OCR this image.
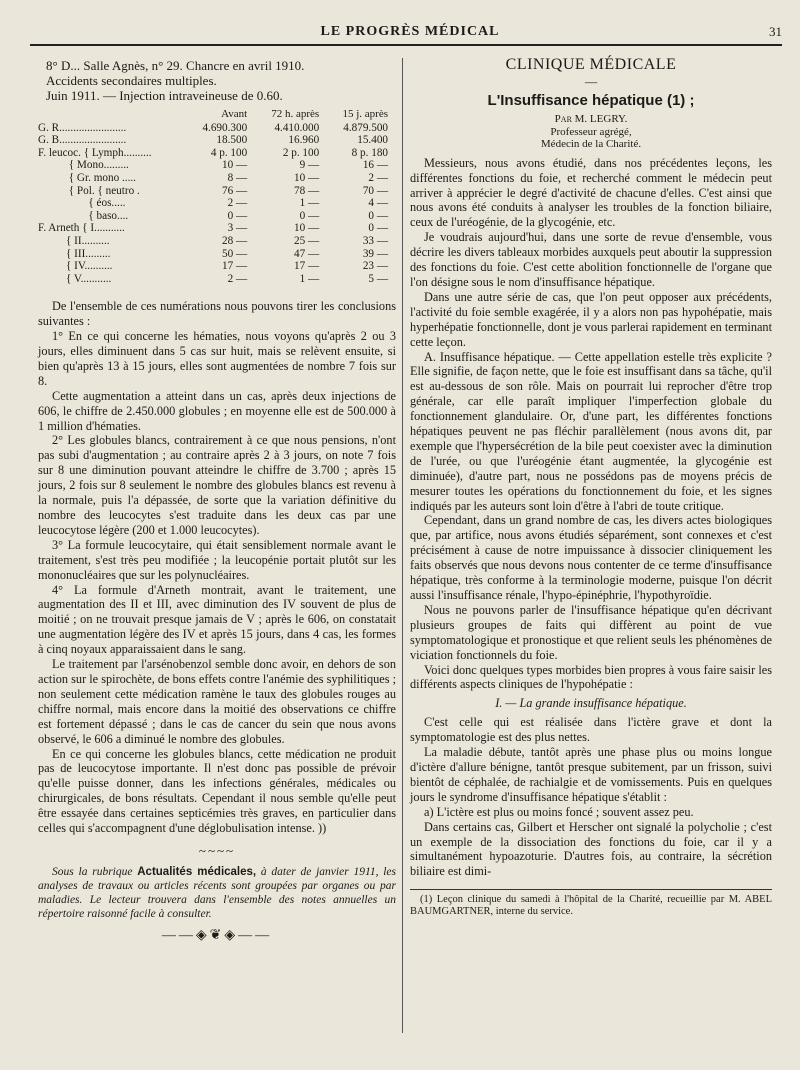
LE PROGRÈS MÉDICAL	31

8° D... Salle Agnès, n° 29. Chancre en avril 1910.

Accidents secondaires multiples.

Juin 1911. — Injection intraveineuse de 0.60.

	Avant	72 h. après	15 j. après
G. R........................	4.690.300	4.410.000	4.879.500
G. B........................	18.500	16.960	15.400
F. leucoc. { Lymph..........	4 p. 100	2 p. 100	8 p. 180
{ Mono.........	10 —	9 —	16 —
{ Gr. mono .....	8 —	10 —	2 —
{ Pol. { neutro .	76 —	78 —	70 —
{ éos.....	2 —	1 —	4 —
{ baso....	0 —	0 —	0 —
F. Arneth { I...........	3 —	10 —	0 —
{ II..........	28 —	25 —	33 —
{ III.........	50 —	47 —	39 —
{ IV..........	17 —	17 —	23 —
{ V...........	2 —	1 —	5 —

De l'ensemble de ces numérations nous pouvons tirer les conclusions suivantes :

1° En ce qui concerne les hématies, nous voyons qu'après 2 ou 3 jours, elles diminuent dans 5 cas sur huit, mais se relèvent ensuite, si bien qu'après 13 à 15 jours, elles sont augmentées de nombre 7 fois sur 8.

Cette augmentation a atteint dans un cas, après deux injections de 606, le chiffre de 2.450.000 globules ; en moyenne elle est de 500.000 à 1 million d'hématies.

2° Les globules blancs, contrairement à ce que nous pensions, n'ont pas subi d'augmentation ; au contraire après 2 à 3 jours, on note 7 fois sur 8 une diminution pouvant atteindre le chiffre de 3.700 ; après 15 jours, 2 fois sur 8 seulement le nombre des globules blancs est revenu à la normale, puis l'a dépassée, de sorte que la variation définitive du nombre des leucocytes s'est traduite dans les deux cas par une leucocytose légère (200 et 1.000 leucocytes).

3° La formule leucocytaire, qui était sensiblement normale avant le traitement, s'est très peu modifiée ; la leucopénie portait plutôt sur les mononucléaires que sur les polynucléaires.

4° La formule d'Arneth montrait, avant le traitement, une augmentation des II et III, avec diminution des IV souvent de plus de moitié ; on ne trouvait presque jamais de V ; après le 606, on constatait une augmentation légère des IV et après 15 jours, dans 4 cas, les formes à cinq noyaux apparaissaient dans le sang.

Le traitement par l'arsénobenzol semble donc avoir, en dehors de son action sur le spirochète, de bons effets contre l'anémie des syphilitiques ; non seulement cette médication ramène le taux des globules rouges au chiffre normal, mais encore dans la moitié des observations ce chiffre est fortement dépassé ; dans le cas de cancer du sein que nous avons observé, le 606 a diminué le nombre des globules.

En ce qui concerne les globules blancs, cette médication ne produit pas de leucocytose importante. Il n'est donc pas possible de prévoir qu'elle puisse donner, dans les infections générales, médicales ou chirurgicales, de bons résultats. Cependant il nous semble qu'elle peut être essayée dans certaines septicémies très graves, en particulier dans celles qui s'accompagnent d'une déglobulisation intense. ))

~~~~

Sous la rubrique Actualités médicales, à dater de janvier 1911, les analyses de travaux ou articles récents sont groupées par organes ou par maladies. Le lecteur trouvera dans l'ensemble des notes annuelles un répertoire raisonné facile à consulter.

——◈❦◈——
CLINIQUE MÉDICALE
—
L'Insuffisance hépatique (1) ;

Par M. LEGRY.

Professeur agrégé,

Médecin de la Charité.

Messieurs, nous avons étudié, dans nos précédentes leçons, les différentes fonctions du foie, et recherché comment le médecin peut arriver à apprécier le degré d'activité de chacune d'elles. C'est ainsi que nous avons été conduits à analyser les troubles de la fonction biliaire, ceux de l'uréogénie, de la glycogénie, etc.

Je voudrais aujourd'hui, dans une sorte de revue d'ensemble, vous décrire les divers tableaux morbides auxquels peut aboutir la suppression des fonctions du foie. C'est cette abolition fonctionnelle de l'organe que l'on désigne sous le nom d'insuffisance hépatique.

Dans une autre série de cas, que l'on peut opposer aux précédents, l'activité du foie semble exagérée, il y a alors non pas hypohépatie, mais hyperhépatie fonctionnelle, dont je vous parlerai rapidement en terminant cette leçon.

A. Insuffisance hépatique. — Cette appellation estelle très explicite ? Elle signifie, de façon nette, que le foie est insuffisant dans sa tâche, qu'il est au-dessous de son rôle. Mais on pourrait lui reprocher d'être trop générale, car elle paraît impliquer l'imperfection globale du fonctionnement glandulaire. Or, d'une part, les différentes fonctions hépatiques peuvent ne pas fléchir parallèlement (nous avons dit, par exemple que l'hypersécrétion de la bile peut coexister avec la diminution de l'urée, ou que l'uréogénie étant augmentée, la glycogénie est diminuée), d'autre part, nous ne possédons pas de moyens précis de mesurer toutes les opérations du fonctionnement du foie, et les signes indiqués par les auteurs sont loin d'être à l'abri de toute critique.

Cependant, dans un grand nombre de cas, les divers actes biologiques que, par artifice, nous avons étudiés séparément, sont connexes et c'est précisément à cause de notre impuissance à dissocier cliniquement les faits observés que nous devons nous contenter de ce terme d'insuffisance hépatique, très conforme à la terminologie moderne, puisque l'on décrit aussi l'insuffisance rénale, l'hypo-épinéphrie, l'hypothyroïdie.

Nous ne pouvons parler de l'insuffisance hépatique qu'en décrivant plusieurs groupes de faits qui diffèrent au point de vue symptomatologique et pronostique et que relient seuls les phénomènes de viciation fonctionnels du foie.

Voici donc quelques types morbides bien propres à vous faire saisir les différents aspects cliniques de l'hypohépatie :

I. — La grande insuffisance hépatique.

C'est celle qui est réalisée dans l'ictère grave et dont la symptomatologie est des plus nettes.

La maladie débute, tantôt après une phase plus ou moins longue d'ictère d'allure bénigne, tantôt presque subitement, par un frisson, suivi bientôt de céphalée, de rachialgie et de vomissements. Puis en quelques jours le syndrome d'insuffisance hépatique s'établit :

a) L'ictère est plus ou moins foncé ; souvent assez peu.

Dans certains cas, Gilbert et Herscher ont signalé la polycholie ; c'est un exemple de la dissociation des fonctions du foie, car il y a simultanément hypoazoturie. D'autres fois, au contraire, la sécrétion biliaire est dimi-

(1) Leçon clinique du samedi à l'hôpital de la Charité, recueillie par M. ABEL BAUMGARTNER, interne du service.
